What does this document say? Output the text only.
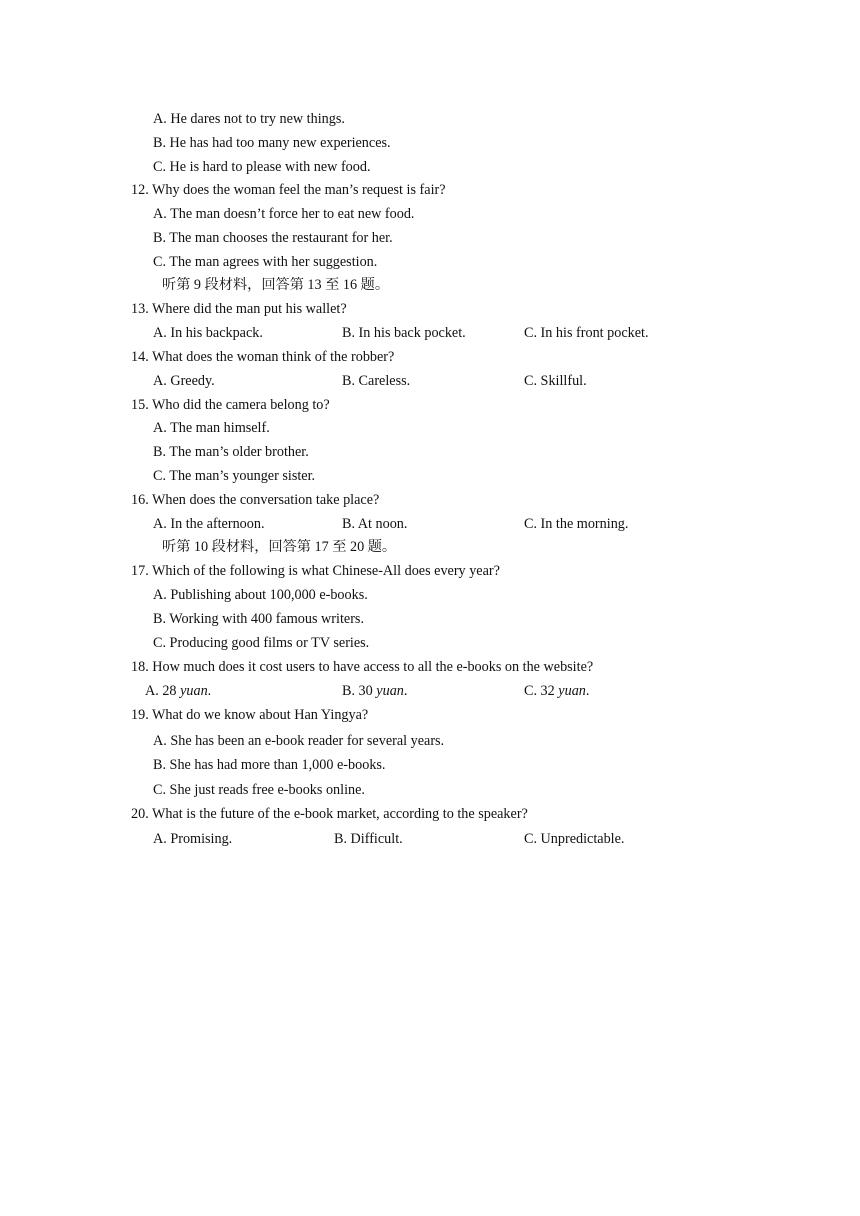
A. He dares not to try new things.
B. He has had too many new experiences.
C. He is hard to please with new food.
12. Why does the woman feel the man’s request is fair?
A. The man doesn’t force her to eat new food.
B. The man chooses the restaurant for her.
C. The man agrees with her suggestion.
听第 9 段材料，回答第 13 至 16 题。
13. Where did the man put his wallet?
A. In his backpack.	B. In his back pocket.	C. In his front pocket.
14. What does the woman think of the robber?
A. Greedy.	B. Careless.	C. Skillful.
15. Who did the camera belong to?
A. The man himself.
B. The man’s older brother.
C. The man’s younger sister.
16. When does the conversation take place?
A. In the afternoon.	B. At noon.	C. In the morning.
听第 10 段材料，回答第 17 至 20 题。
17. Which of the following is what Chinese-All does every year?
A. Publishing about 100,000 e-books.
B. Working with 400 famous writers.
C. Producing good films or TV series.
18. How much does it cost users to have access to all the e-books on the website?
A. 28 yuan.	B. 30 yuan.	C. 32 yuan.
19. What do we know about Han Yingya?
A. She has been an e-book reader for several years.
B. She has had more than 1,000 e-books.
C. She just reads free e-books online.
20. What is the future of the e-book market, according to the speaker?
A. Promising.	B. Difficult.	C. Unpredictable.
